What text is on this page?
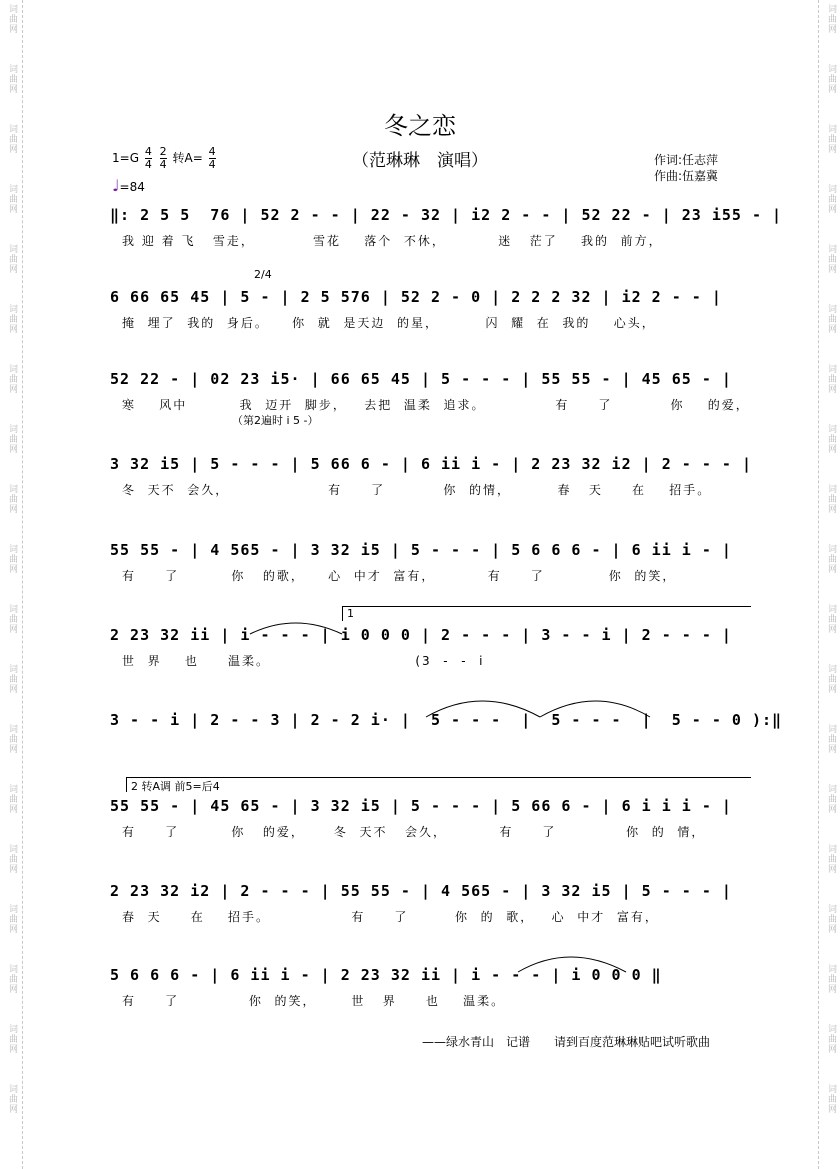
词曲网
词曲网
词曲网
词曲网
词曲网
词曲网
词曲网
词曲网
词曲网
词曲网
词曲网
词曲网
词曲网
词曲网
词曲网
词曲网
词曲网
词曲网
词曲网
词曲网
词曲网
词曲网
词曲网
词曲网
词曲网
词曲网
词曲网
词曲网
词曲网
词曲网
词曲网
词曲网
词曲网
词曲网
词曲网
词曲网
词曲网
词曲网
冬之恋
（范琳琳　演唱）
$1=G \frac{4}{4}$
$\frac{2}{4}$ 转$A= \frac{4}{4}$
♩=84
作词:任志萍
作曲:伍嘉冀
‖: 2 5 5  76 | 52 2 - - | 22 - 32 | i2 2 - - | 52 22 - | 23 i55 - |
我 迎 着 飞   雪走，          雪花    落个  不休，         迷   茫了    我的  前方，
2/4
6 66 65 45 | 5 - | 2 5 576 | 52 2 - 0 | 2 2 2 32 | i2 2 - - |
掩  埋了  我的  身后。    你  就  是天边  的星，        闪  耀  在  我的    心头，
52 22 - | 02 23 i5· | 66 65 45 | 5 - - - | 55 55 - | 45 65 - |
寒    风中         我  迈开  脚步，   去把  温柔  追求。            有     了          你    的爱，
（第2遍时 i 5 -）
3 32 i5 | 5 - - - | 5 66 6 - | 6 ii i - | 2 23 32 i2 | 2 - - - |
冬  天不  会久，                 有     了          你  的情，        春   天     在    招手。
55 55 - | 4 565 - | 3 32 i5 | 5 - - - | 5 6 6 6 - | 6 ii i - |
有     了         你   的歌，    心  中才  富有，         有     了           你  的笑，
1
2 23 32 ii | i - - - | i 0 0 0 | 2 - - - | 3 - - i | 2 - - - |
世  界    也     温柔。                         (3  -  -  i
3 - - i | 2 - - 3 | 2 - 2 i· |  5 - - -  |  5 - - -  |  5 - - 0 ):‖
2 转A调 前5=后4
55 55 - | 45 65 - | 3 32 i5 | 5 - - - | 5 66 6 - | 6 i i i - |
有     了         你   的爱，     冬  天不   会久，         有     了            你  的  情，
2 23 32 i2 | 2 - - - | 55 55 - | 4 565 - | 3 32 i5 | 5 - - - |
春  天     在    招手。              有     了        你  的  歌，   心  中才  富有，
5 6 6 6 - | 6 ii i - | 2 23 32 ii | i - - - | i 0 0 0 ‖
有     了            你  的笑，      世   界     也    温柔。
——绿水青山　记谱　　请到百度范琳琳贴吧试听歌曲
